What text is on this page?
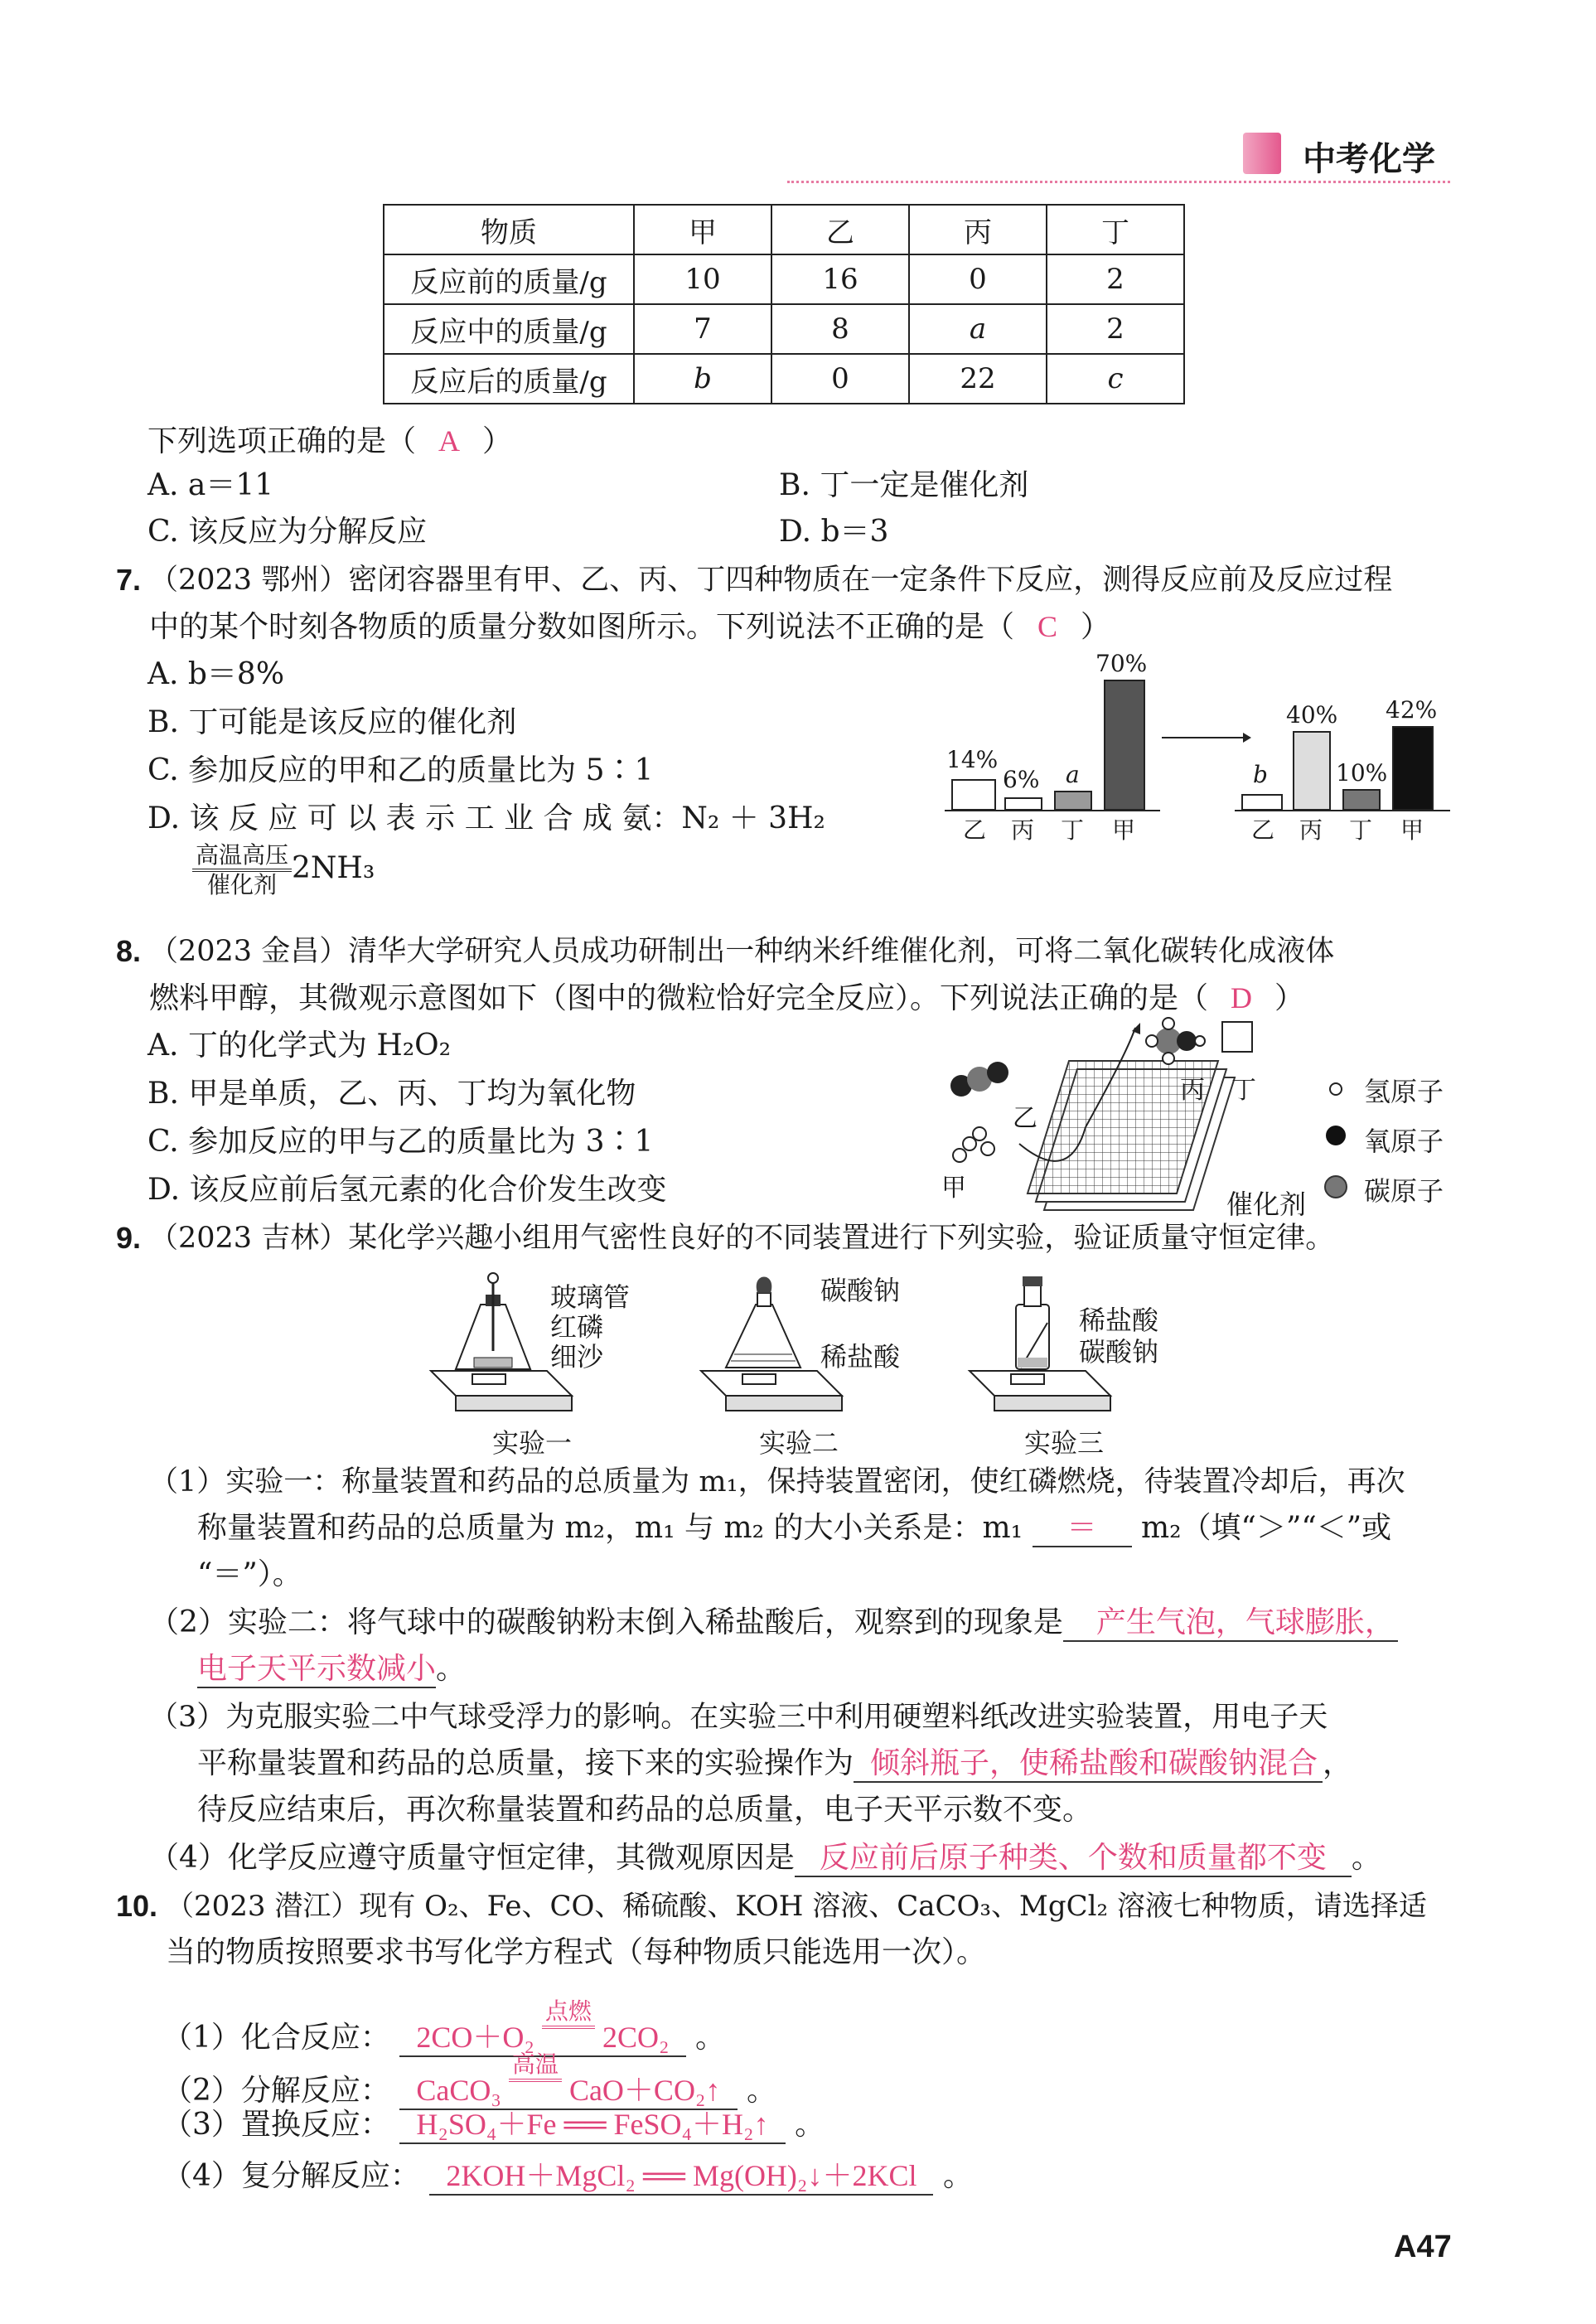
中考化学
物质	甲	乙	丙	丁
反应前的质量/g	10	16	0	2
反应中的质量/g	7	8	a	2
反应后的质量/g	b	0	22	c
下列选项正确的是（ A ）
A. a＝11	B. 丁一定是催化剂
C. 该反应为分解反应	D. b＝3
7. （2023 鄂州）密闭容器里有甲、乙、丙、丁四种物质在一定条件下反应，测得反应前及反应过程
中的某个时刻各物质的质量分数如图所示。下列说法不正确的是（ C ）
A. b＝8%
B. 丁可能是该反应的催化剂
C. 参加反应的甲和乙的质量比为 5∶1
D. 该 反 应 可 以 表 示 工 业 合 成 氨：N₂ ＋ 3H₂
$\frac{\text{高温高压}}{\text{催化剂}} 2NH_3$
14%
6% a
70%
乙 丙 丁 甲
b
40%
10%
42%
乙 丙 丁 甲
8. （2023 金昌）清华大学研究人员成功研制出一种纳米纤维催化剂，可将二氧化碳转化成液体
燃料甲醇，其微观示意图如下（图中的微粒恰好完全反应）。下列说法正确的是（ D ）
A. 丁的化学式为 H₂O₂
B. 甲是单质，乙、丙、丁均为氧化物
C. 参加反应的甲与乙的质量比为 3∶1
D. 该反应前后氢元素的化合价发生改变	甲
乙
丙 丁
催化剂
氢原子
氧原子
碳原子
9. （2023 吉林）某化学兴趣小组用气密性良好的不同装置进行下列实验，验证质量守恒定律。
玻璃管
红磷
细沙
实验一
碳酸钠
稀盐酸
实验二
稀盐酸
碳酸钠
实验三
（1）实验一：称量装置和药品的总质量为 m₁，保持装置密闭，使红磷燃烧，待装置冷却后，再次
称量装置和药品的总质量为 m₂，m₁ 与 m₂ 的大小关系是：m₁ ＝ m₂（填“＞”“＜”或
“＝”）。
（2）实验二：将气球中的碳酸钠粉末倒入稀盐酸后，观察到的现象是 产生气泡，气球膨胀，
电子天平示数减小。
（3）为克服实验二中气球受浮力的影响。在实验三中利用硬塑料纸改进实验装置，用电子天
平称量装置和药品的总质量，接下来的实验操作为 倾斜瓶子，使稀盐酸和碳酸钠混合 ，
待反应结束后，再次称量装置和药品的总质量，电子天平示数不变。
（4）化学反应遵守质量守恒定律，其微观原因是 反应前后原子种类、个数和质量都不变 。
10. （2023 潜江）现有 O₂、Fe、CO、稀硫酸、KOH 溶液、CaCO₃、MgCl₂ 溶液七种物质，请选择适
当的物质按照要求书写化学方程式（每种物质只能选用一次）。
（1）化合反应： 2CO＋O₂
点燃

2CO₂ 。
（2）分解反应： CaCO₃
高温

CaO＋CO₂↑ 。
（3）置换反应： H₂SO₄＋Fe ══ FeSO₄＋H₂↑ 。
（4）复分解反应： 2KOH＋MgCl₂ ══ Mg(OH)₂↓＋2KCl 。
A47
